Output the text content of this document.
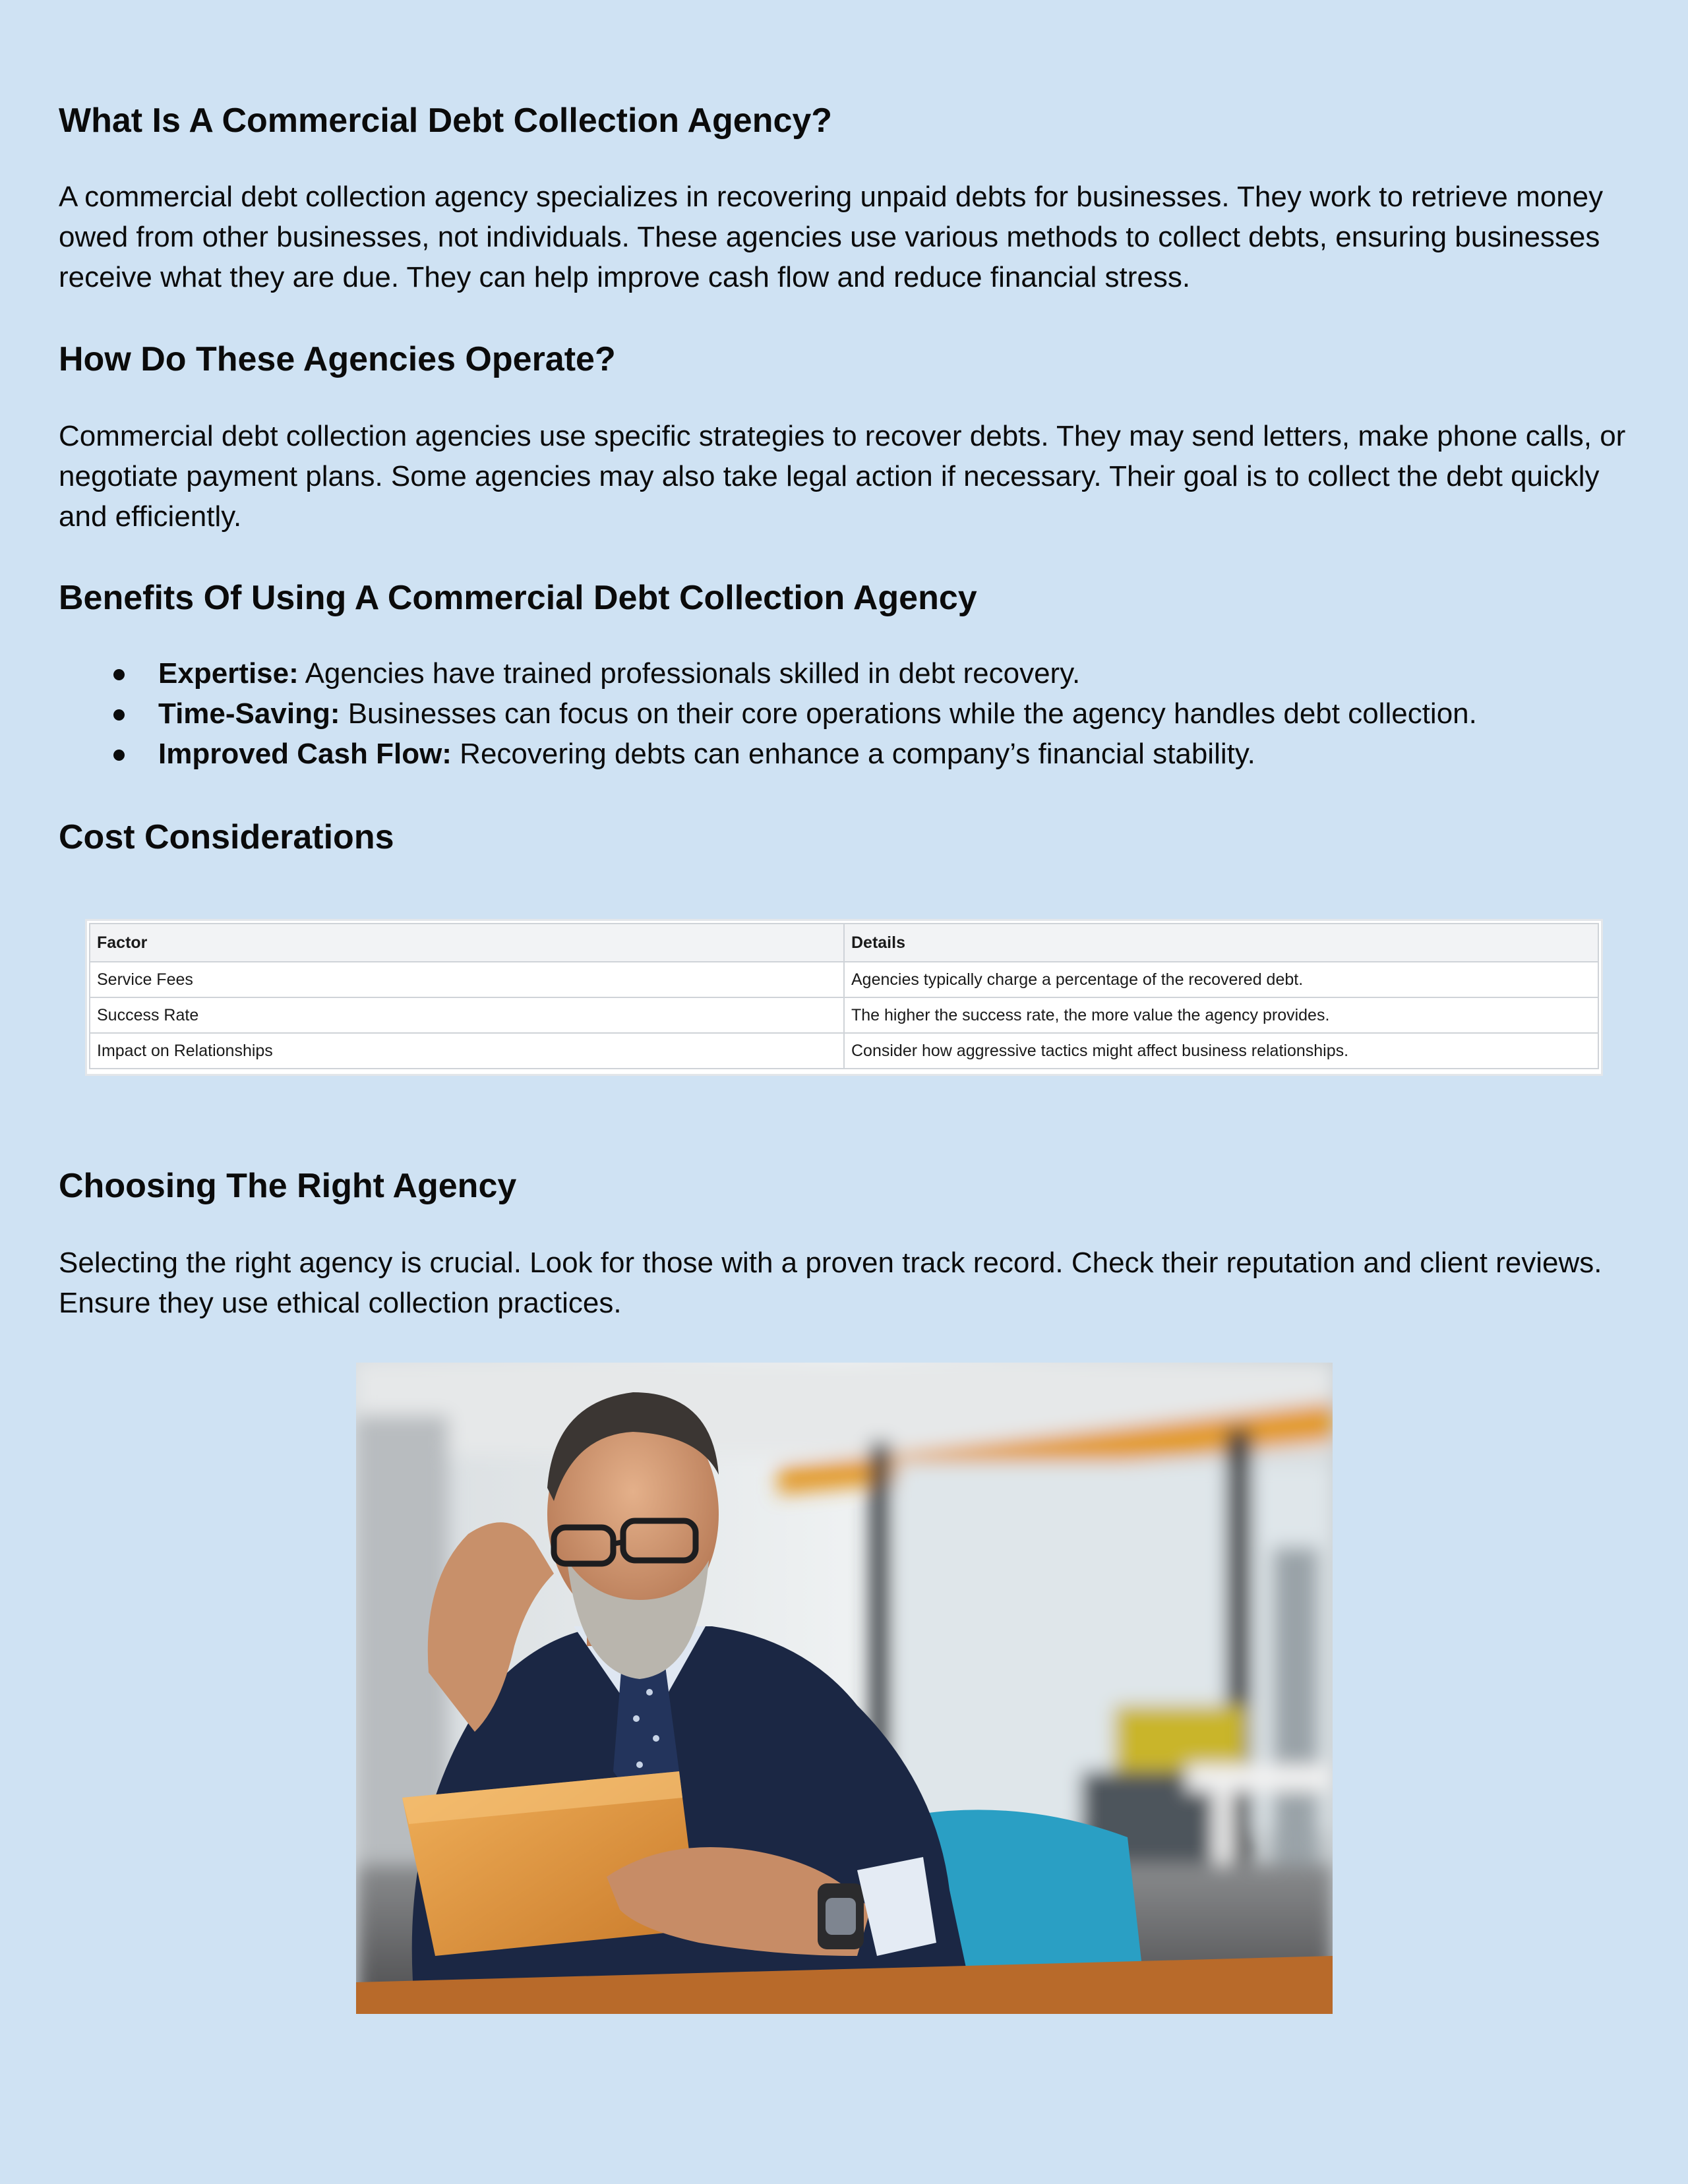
What Is A Commercial Debt Collection Agency?

A commercial debt collection agency specializes in recovering unpaid debts for businesses. They work to retrieve money owed from other businesses, not individuals. These agencies use various methods to collect debts, ensuring businesses receive what they are due. They can help improve cash flow and reduce financial stress.

How Do These Agencies Operate?

Commercial debt collection agencies use specific strategies to recover debts. They may send letters, make phone calls, or negotiate payment plans. Some agencies may also take legal action if necessary. Their goal is to collect the debt quickly and efficiently.

Benefits Of Using A Commercial Debt Collection Agency
Expertise: Agencies have trained professionals skilled in debt recovery.
Time-Saving: Businesses can focus on their core operations while the agency handles debt collection.
Improved Cash Flow: Recovering debts can enhance a company’s financial stability.
Cost Considerations
Factor	Details
Service Fees	Agencies typically charge a percentage of the recovered debt.
Success Rate	The higher the success rate, the more value the agency provides.
Impact on Relationships	Consider how aggressive tactics might affect business relationships.
Choosing The Right Agency

Selecting the right agency is crucial. Look for those with a proven track record. Check their reputation and client reviews. Ensure they use ethical collection practices.
